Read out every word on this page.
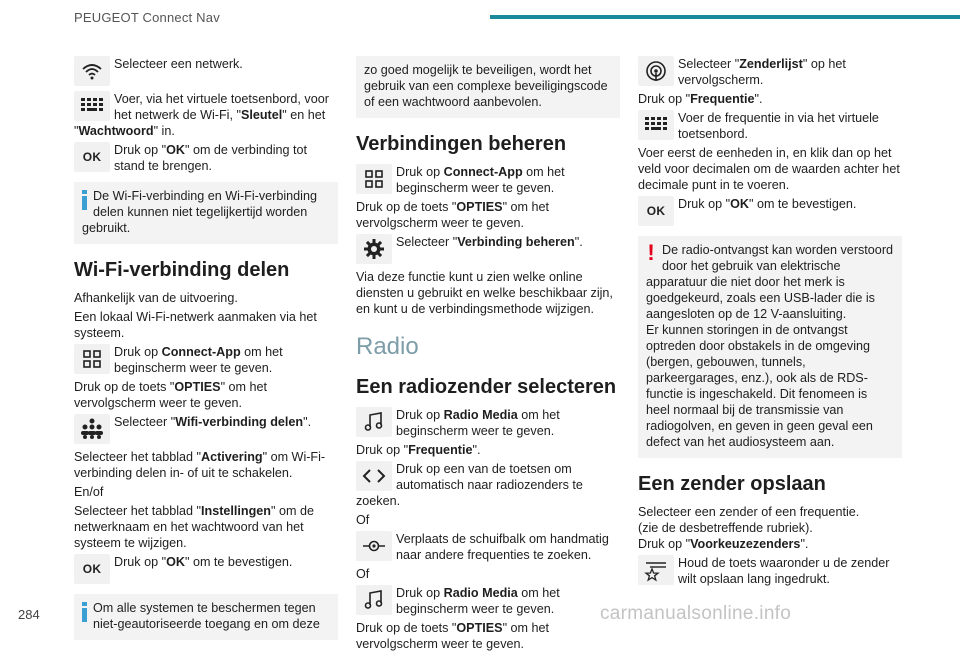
PEUGEOT Connect Nav
Selecteer een netwerk.
Voer, via het virtuele toetsenbord, voor het netwerk de Wi-Fi, "Sleutel" en het "Wachtwoord" in.
OK	Druk op "OK" om de verbinding tot stand te brengen.
De Wi-Fi-verbinding en Wi-Fi-verbinding delen kunnen niet tegelijkertijd worden gebruikt.
Wi-Fi-verbinding delen
Afhankelijk van de uitvoering.
Een lokaal Wi-Fi-netwerk aanmaken via het systeem.
Druk op Connect-App om het beginscherm weer te geven.
Druk op de toets "OPTIES" om het vervolgscherm weer te geven.
Selecteer "Wifi-verbinding delen".
Selecteer het tabblad "Activering" om Wi-Fi-verbinding delen in- of uit te schakelen.
En/of
Selecteer het tabblad "Instellingen" om de netwerknaam en het wachtwoord van het systeem te wijzigen.
OK	Druk op "OK" om te bevestigen.
Om alle systemen te beschermen tegen niet-geautoriseerde toegang en om deze
zo goed mogelijk te beveiligen, wordt het gebruik van een complexe beveiligingscode of een wachtwoord aanbevolen.
Verbindingen beheren
Druk op Connect-App om het beginscherm weer te geven.
Druk op de toets "OPTIES" om het vervolgscherm weer te geven.
Selecteer "Verbinding beheren".
Via deze functie kunt u zien welke online diensten u gebruikt en welke beschikbaar zijn, en kunt u de verbindingsmethode wijzigen.
Radio
Een radiozender selecteren
Druk op Radio Media om het beginscherm weer te geven.
Druk op "Frequentie".
Druk op een van de toetsen om automatisch naar radiozenders te zoeken.
Of
Verplaats de schuifbalk om handmatig naar andere frequenties te zoeken.
Of
Druk op Radio Media om het beginscherm weer te geven.
Druk op de toets "OPTIES" om het vervolgscherm weer te geven.
Selecteer "Zenderlijst" op het vervolgscherm.
Druk op "Frequentie".
Voer de frequentie in via het virtuele toetsenbord.
Voer eerst de eenheden in, en klik dan op het veld voor decimalen om de waarden achter het decimale punt in te voeren.
OK	Druk op "OK" om te bevestigen.
! De radio-ontvangst kan worden verstoord door het gebruik van elektrische apparatuur die niet door het merk is goedgekeurd, zoals een USB-lader die is aangesloten op de 12 V-aansluiting.
Er kunnen storingen in de ontvangst optreden door obstakels in de omgeving (bergen, gebouwen, tunnels, parkeergarages, enz.), ook als de RDS-functie is ingeschakeld. Dit fenomeen is heel normaal bij de transmissie van radiogolven, en geven in geen geval een defect van het audiosysteem aan.
Een zender opslaan
Selecteer een zender of een frequentie.
(zie de desbetreffende rubriek).
Druk op "Voorkeuzezenders".
Houd de toets waaronder u de zender wilt opslaan lang ingedrukt.
284	carmanualsonline.info
